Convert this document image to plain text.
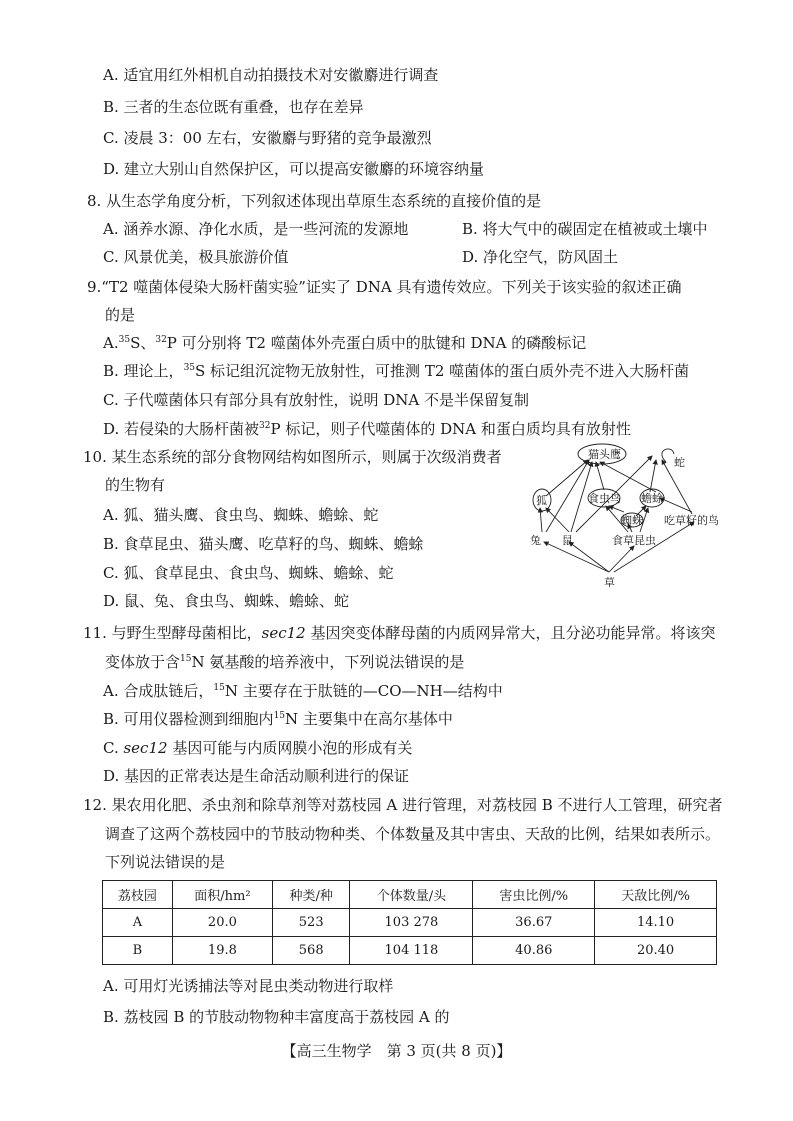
A. 适宜用红外相机自动拍摄技术对安徽麝进行调查
B. 三者的生态位既有重叠，也存在差异
C. 凌晨 3：00 左右，安徽麝与野猪的竞争最激烈
D. 建立大别山自然保护区，可以提高安徽麝的环境容纳量
8. 从生态学角度分析，下列叙述体现出草原生态系统的直接价值的是
A. 涵养水源、净化水质，是一些河流的发源地	B. 将大气中的碳固定在植被或土壤中
C. 风景优美，极具旅游价值	D. 净化空气，防风固土
9.“T2 噬菌体侵染大肠杆菌实验”证实了 DNA 具有遗传效应。下列关于该实验的叙述正确
的是
A.$^{35}$S、$^{32}$P 可分别将 T2 噬菌体外壳蛋白质中的肽键和 DNA 的磷酸标记
B. 理论上，$^{35}$S 标记组沉淀物无放射性，可推测 T2 噬菌体的蛋白质外壳不进入大肠杆菌
C. 子代噬菌体只有部分具有放射性，说明 DNA 不是半保留复制
D. 若侵染的大肠杆菌被$^{32}$P 标记，则子代噬菌体的 DNA 和蛋白质均具有放射性
10. 某生态系统的部分食物网结构如图所示，则属于次级消费者
的生物有
A. 狐、猫头鹰、食虫鸟、蜘蛛、蟾蜍、蛇
B. 食草昆虫、猫头鹰、吃草籽的鸟、蜘蛛、蟾蜍
C. 狐、食草昆虫、食虫鸟、蜘蛛、蟾蜍、蛇
D. 鼠、兔、食虫鸟、蜘蛛、蟾蜍、蛇
猫头鹰
蛇
狐	食虫鸟 蟾蜍
蜘蛛 吃草籽的鸟
兔 鼠	食草昆虫
草
11. 与野生型酵母菌相比，sec12 基因突变体酵母菌的内质网异常大，且分泌功能异常。将该突
变体放于含$^{15}$N 氨基酸的培养液中，下列说法错误的是
A. 合成肽链后，$^{15}$N 主要存在于肽链的—CO—NH—结构中
B. 可用仪器检测到细胞内$^{15}$N 主要集中在高尔基体中
C. sec12 基因可能与内质网膜小泡的形成有关
D. 基因的正常表达是生命活动顺利进行的保证
12. 果农用化肥、杀虫剂和除草剂等对荔枝园 A 进行管理，对荔枝园 B 不进行人工管理，研究者
调查了这两个荔枝园中的节肢动物种类、个体数量及其中害虫、天敌的比例，结果如表所示。
下列说法错误的是
荔枝园	面积/hm²	种类/种	个体数量/头	害虫比例/%	天敌比例/%
A	20.0	523	103 278	36.67	14.10
B	19.8	568	104 118	40.86	20.40
A. 可用灯光诱捕法等对昆虫类动物进行取样
B. 荔枝园 B 的节肢动物物种丰富度高于荔枝园 A 的
【高三生物学　第 3 页(共 8 页)】
